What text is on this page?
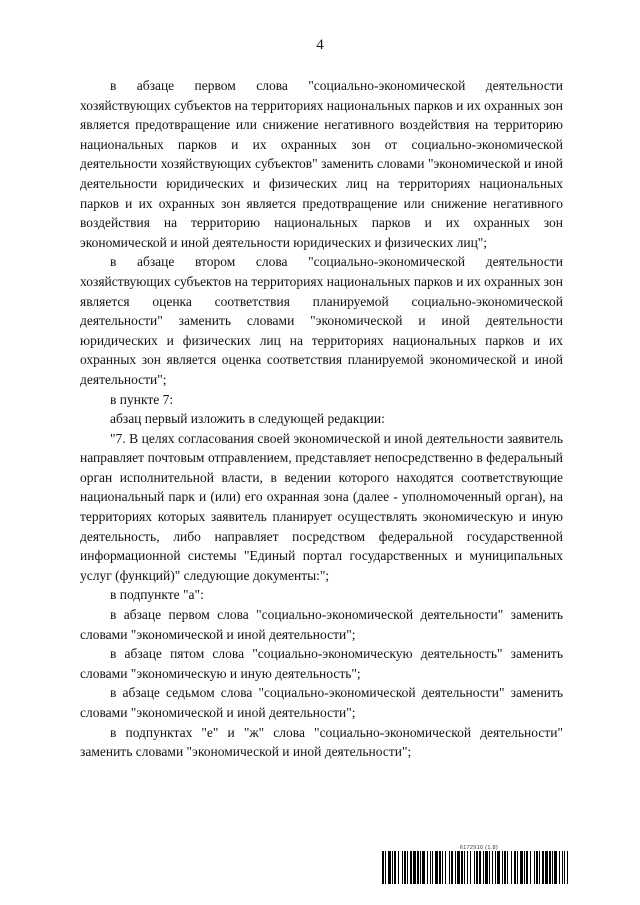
4

в абзаце первом слова "социально-экономической деятельности хозяйствующих субъектов на территориях национальных парков и их охранных зон является предотвращение или снижение негативного воздействия на территорию национальных парков и их охранных зон от социально-экономической деятельности хозяйствующих субъектов" заменить словами "экономической и иной деятельности юридических и физических лиц на территориях национальных парков и их охранных зон является предотвращение или снижение негативного воздействия на территорию национальных парков и их охранных зон экономической и иной деятельности юридических и физических лиц";

в абзаце втором слова "социально-экономической деятельности хозяйствующих субъектов на территориях национальных парков и их охранных зон является оценка соответствия планируемой социально-экономической деятельности" заменить словами "экономической и иной деятельности юридических и физических лиц на территориях национальных парков и их охранных зон является оценка соответствия планируемой экономической и иной деятельности";

в пункте 7:

абзац первый изложить в следующей редакции:

"7. В целях согласования своей экономической и иной деятельности заявитель направляет почтовым отправлением, представляет непосредственно в федеральный орган исполнительной власти, в ведении которого находятся соответствующие национальный парк и (или) его охранная зона (далее - уполномоченный орган), на территориях которых заявитель планирует осуществлять экономическую и иную деятельность, либо направляет посредством федеральной государственной информационной системы "Единый портал государственных и муниципальных услуг (функций)" следующие документы:";

в подпункте "а":

в абзаце первом слова "социально-экономической деятельности" заменить словами "экономической и иной деятельности";

в абзаце пятом слова "социально-экономическую деятельность" заменить словами "экономическую и иную деятельность";

в абзаце седьмом слова "социально-экономической деятельности" заменить словами "экономической и иной деятельности";

в подпунктах "е" и "ж" слова "социально-экономической деятельности" заменить словами "экономической и иной деятельности";

6172910 (1.8)
